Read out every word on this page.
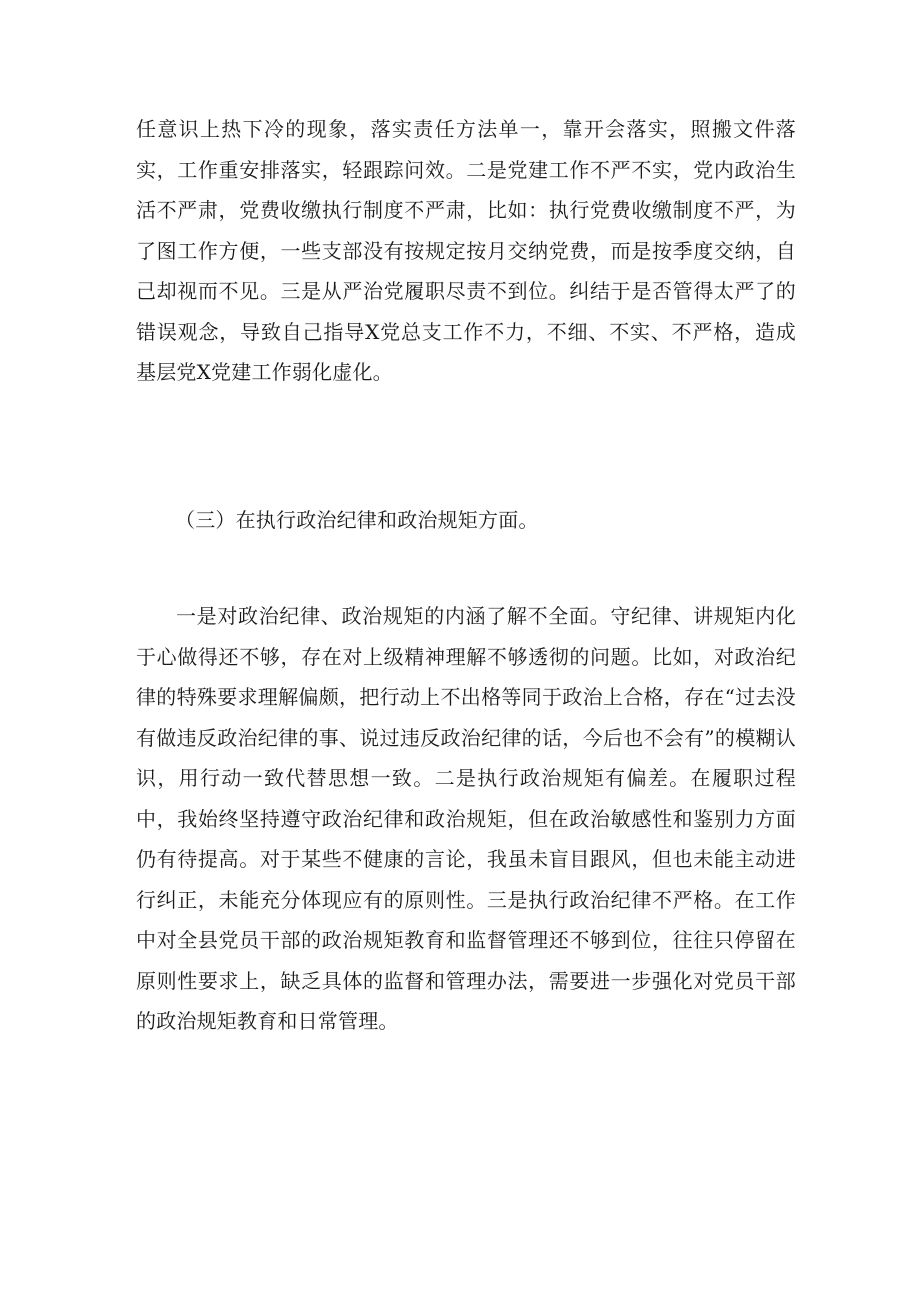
任意识上热下冷的现象，落实责任方法单一，靠开会落实，照搬文件落实，工作重安排落实，轻跟踪问效。二是党建工作不严不实，党内政治生活不严肃，党费收缴执行制度不严肃，比如：执行党费收缴制度不严，为了图工作方便，一些支部没有按规定按月交纳党费，而是按季度交纳，自己却视而不见。三是从严治党履职尽责不到位。纠结于是否管得太严了的错误观念，导致自己指导X党总支工作不力，不细、不实、不严格，造成基层党X党建工作弱化虚化。

（三）在执行政治纪律和政治规矩方面。

一是对政治纪律、政治规矩的内涵了解不全面。守纪律、讲规矩内化于心做得还不够，存在对上级精神理解不够透彻的问题。比如，对政治纪律的特殊要求理解偏颇，把行动上不出格等同于政治上合格，存在“过去没有做违反政治纪律的事、说过违反政治纪律的话，今后也不会有”的模糊认识，用行动一致代替思想一致。二是执行政治规矩有偏差。在履职过程中，我始终坚持遵守政治纪律和政治规矩，但在政治敏感性和鉴别力方面仍有待提高。对于某些不健康的言论，我虽未盲目跟风，但也未能主动进行纠正，未能充分体现应有的原则性。三是执行政治纪律不严格。在工作中对全县党员干部的政治规矩教育和监督管理还不够到位，往往只停留在原则性要求上，缺乏具体的监督和管理办法，需要进一步强化对党员干部的政治规矩教育和日常管理。
